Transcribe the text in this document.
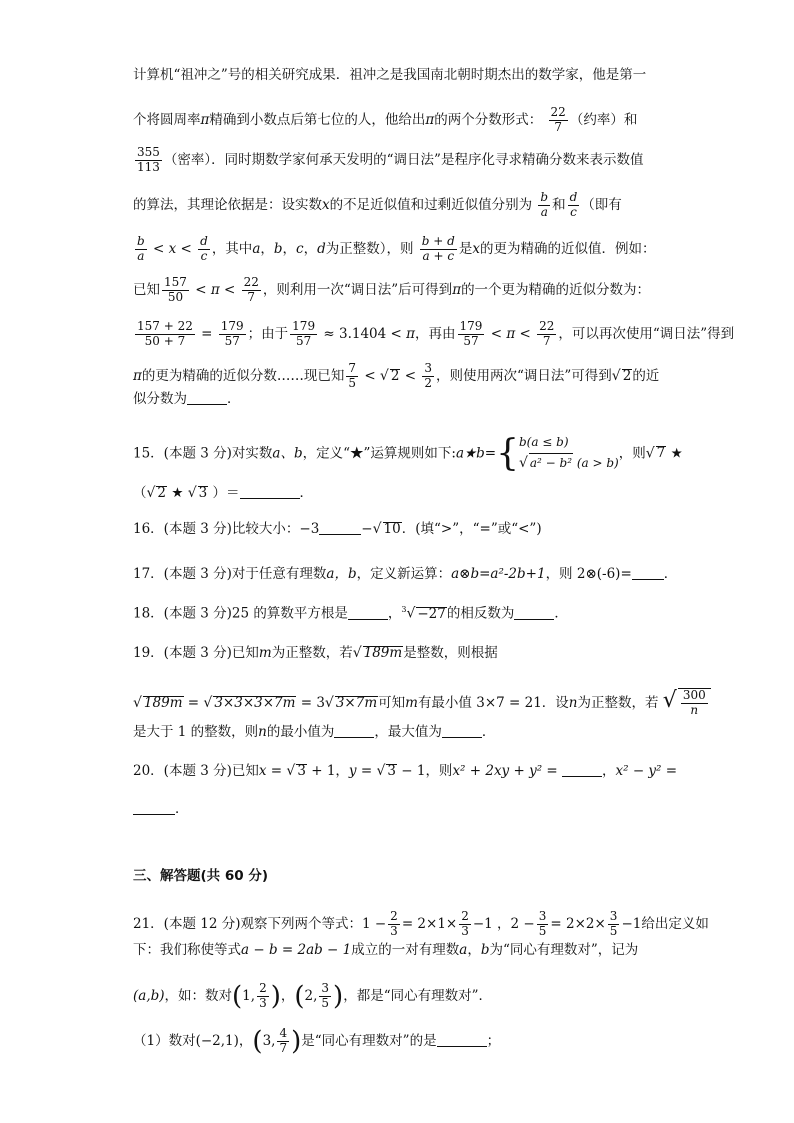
计算机“祖冲之”号的相关研究成果．祖冲之是我国南北朝时期杰出的数学家，他是第一
个将圆周率π精确到小数点后第七位的人，他给出π的两个分数形式： $\frac{22}{7}$ （约率）和
$\frac{355}{113}$ （密率）．同时期数学家何承天发明的“调日法”是程序化寻求精确分数来表示数值
的算法，其理论依据是：设实数x的不足近似值和过剩近似值分别为 $\frac{b}{a}$ 和 $\frac{d}{c}$ （即有
$\frac{b}{a} < x < \frac{d}{c}$ ，其中a，b，c，d为正整数），则 $\frac{b + d}{a + c}$ 是x的更为精确的近似值．例如：
已知 $\frac{157}{50} < \pi < \frac{22}{7}$ ，则利用一次“调日法”后可得到π的一个更为精确的近似分数为：
$\frac{157 + 22}{50 + 7} = \frac{179}{57}$ ；由于 $\frac{179}{57} \approx 3.1404 < \pi$，再由 $\frac{179}{57} < \pi < \frac{22}{7}$ ，可以再次使用“调日法”得到
π的更为精确的近似分数……现已知 $\frac{7}{5}$ < √ $2 < \frac{3}{2}$ ，则使用两次“调日法”可得到√ 2的近
似分数为	．
15．(本题 3 分)对实数a、b，定义“★”运算规则如下:a★b={ b(a ≤ b)
√ a² − b² (a > b)
，则√ 7 ★
（√ 2 ★ √ 3 ）＝	．
16．(本题 3 分)比较大小：−3	−√ 10．(填“>”，“=”或“<”)
17．(本题 3 分)对于任意有理数a，b，定义新运算：a⊗b=a²-2b+1，则 2⊗(-6)= ．
18．(本题 3 分)25 的算数平方根是	，$^3$√ −27的相反数为	．
19．(本题 3 分)已知m为正整数，若√ 189m是整数，则根据
√ 189m = √ 3×3×3×7m = 3√ 3×7m可知m有最小值 3×7 = 21．设n为正整数，若 √ $\frac{300}{n}$
是大于 1 的整数，则n的最小值为	，最大值为	．
20．(本题 3 分)已知x = √ 3 + 1，y = √ 3 − 1，则x² + 2xy + y² =	，x² − y² =
．
三、解答题(共 60 分)
21．(本题 12 分)观察下列两个等式：$1 - \frac{2}{3} = 2\times 1\times \frac{2}{3} -1$ ，$2 - \frac{3}{5} = 2\times 2\times \frac{3}{5} -1$给出定义如
下：我们称使等式a − b = 2ab − 1成立的一对有理数a，b为“同心有理数对”，记为
(a,b)，如：数对(1, $\frac{2}{3}$ )，(2, $\frac{3}{5}$ )，都是“同心有理数对”．
（1）数对(−2,1)，(3, $\frac{4}{7}$ )是“同心有理数对”的是	；
